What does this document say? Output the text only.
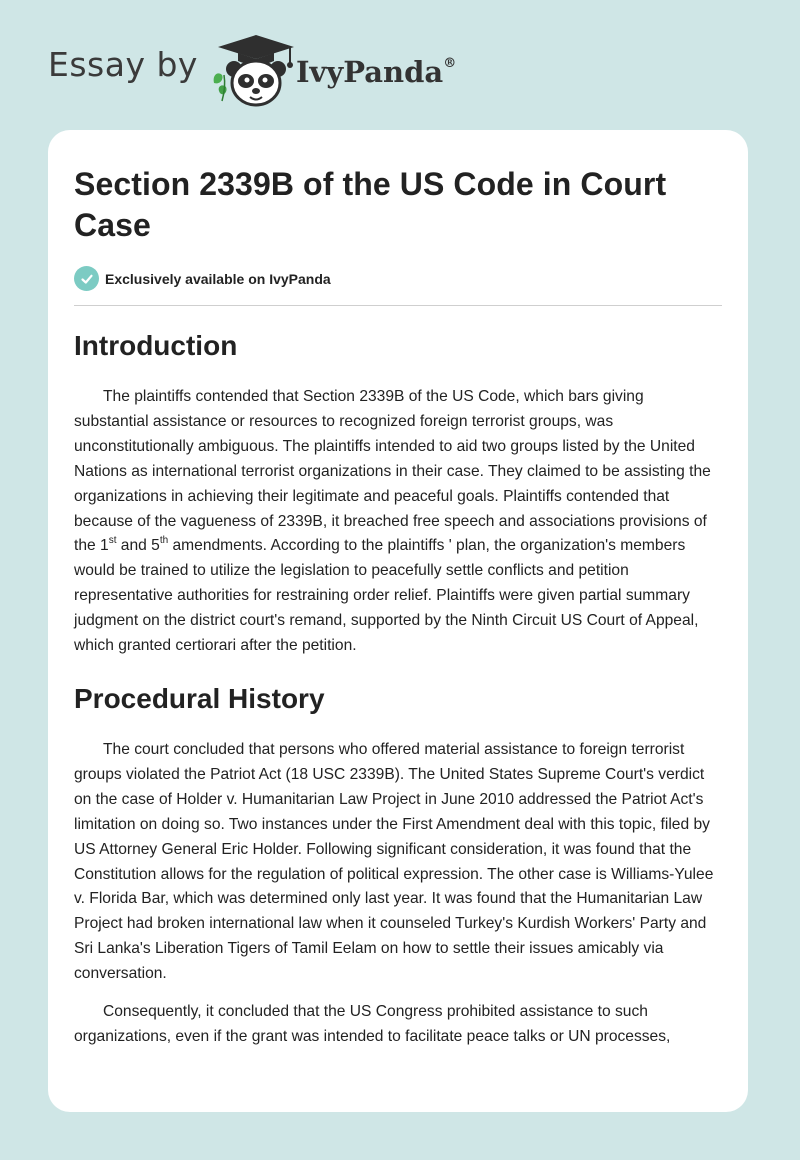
Essay by	IvyPanda®
Section 2339B of the US Code in Court Case
Exclusively available on IvyPanda
Introduction

The plaintiffs contended that Section 2339B of the US Code, which bars giving substantial assistance or resources to recognized foreign terrorist groups, was unconstitutionally ambiguous. The plaintiffs intended to aid two groups listed by the United Nations as international terrorist organizations in their case. They claimed to be assisting the organizations in achieving their legitimate and peaceful goals. Plaintiffs contended that because of the vagueness of 2339B, it breached free speech and associations provisions of the 1st and 5th amendments. According to the plaintiffs ' plan, the organization's members would be trained to utilize the legislation to peacefully settle conflicts and petition representative authorities for restraining order relief. Plaintiffs were given partial summary judgment on the district court's remand, supported by the Ninth Circuit US Court of Appeal, which granted certiorari after the petition.

Procedural History

The court concluded that persons who offered material assistance to foreign terrorist groups violated the Patriot Act (18 USC 2339B). The United States Supreme Court's verdict on the case of Holder v. Humanitarian Law Project in June 2010 addressed the Patriot Act's limitation on doing so. Two instances under the First Amendment deal with this topic, filed by US Attorney General Eric Holder. Following significant consideration, it was found that the Constitution allows for the regulation of political expression. The other case is Williams-Yulee v. Florida Bar, which was determined only last year. It was found that the Humanitarian Law Project had broken international law when it counseled Turkey's Kurdish Workers' Party and Sri Lanka's Liberation Tigers of Tamil Eelam on how to settle their issues amicably via conversation.

Consequently, it concluded that the US Congress prohibited assistance to such organizations, even if the grant was intended to facilitate peace talks or UN processes,
